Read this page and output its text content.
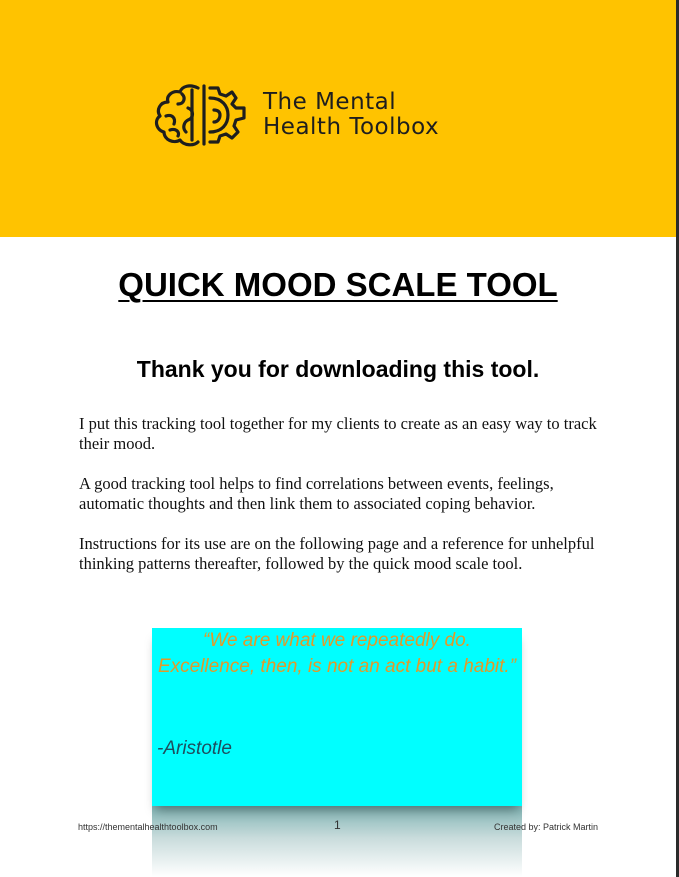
The Mental
Health Toolbox
QUICK MOOD SCALE TOOL
Thank you for downloading this tool.

I put this tracking tool together for my clients to create as an easy way to track their mood.

A good tracking tool helps to find correlations between events, feelings, automatic thoughts and then link them to associated coping behavior.

Instructions for its use are on the following page and a reference for unhelpful thinking patterns thereafter, followed by the quick mood scale tool.

“We are what we repeatedly do. Excellence, then, is not an act but a habit.”
-Aristotle
https://thementalhealthtoolbox.com	1	Created by: Patrick Martin
